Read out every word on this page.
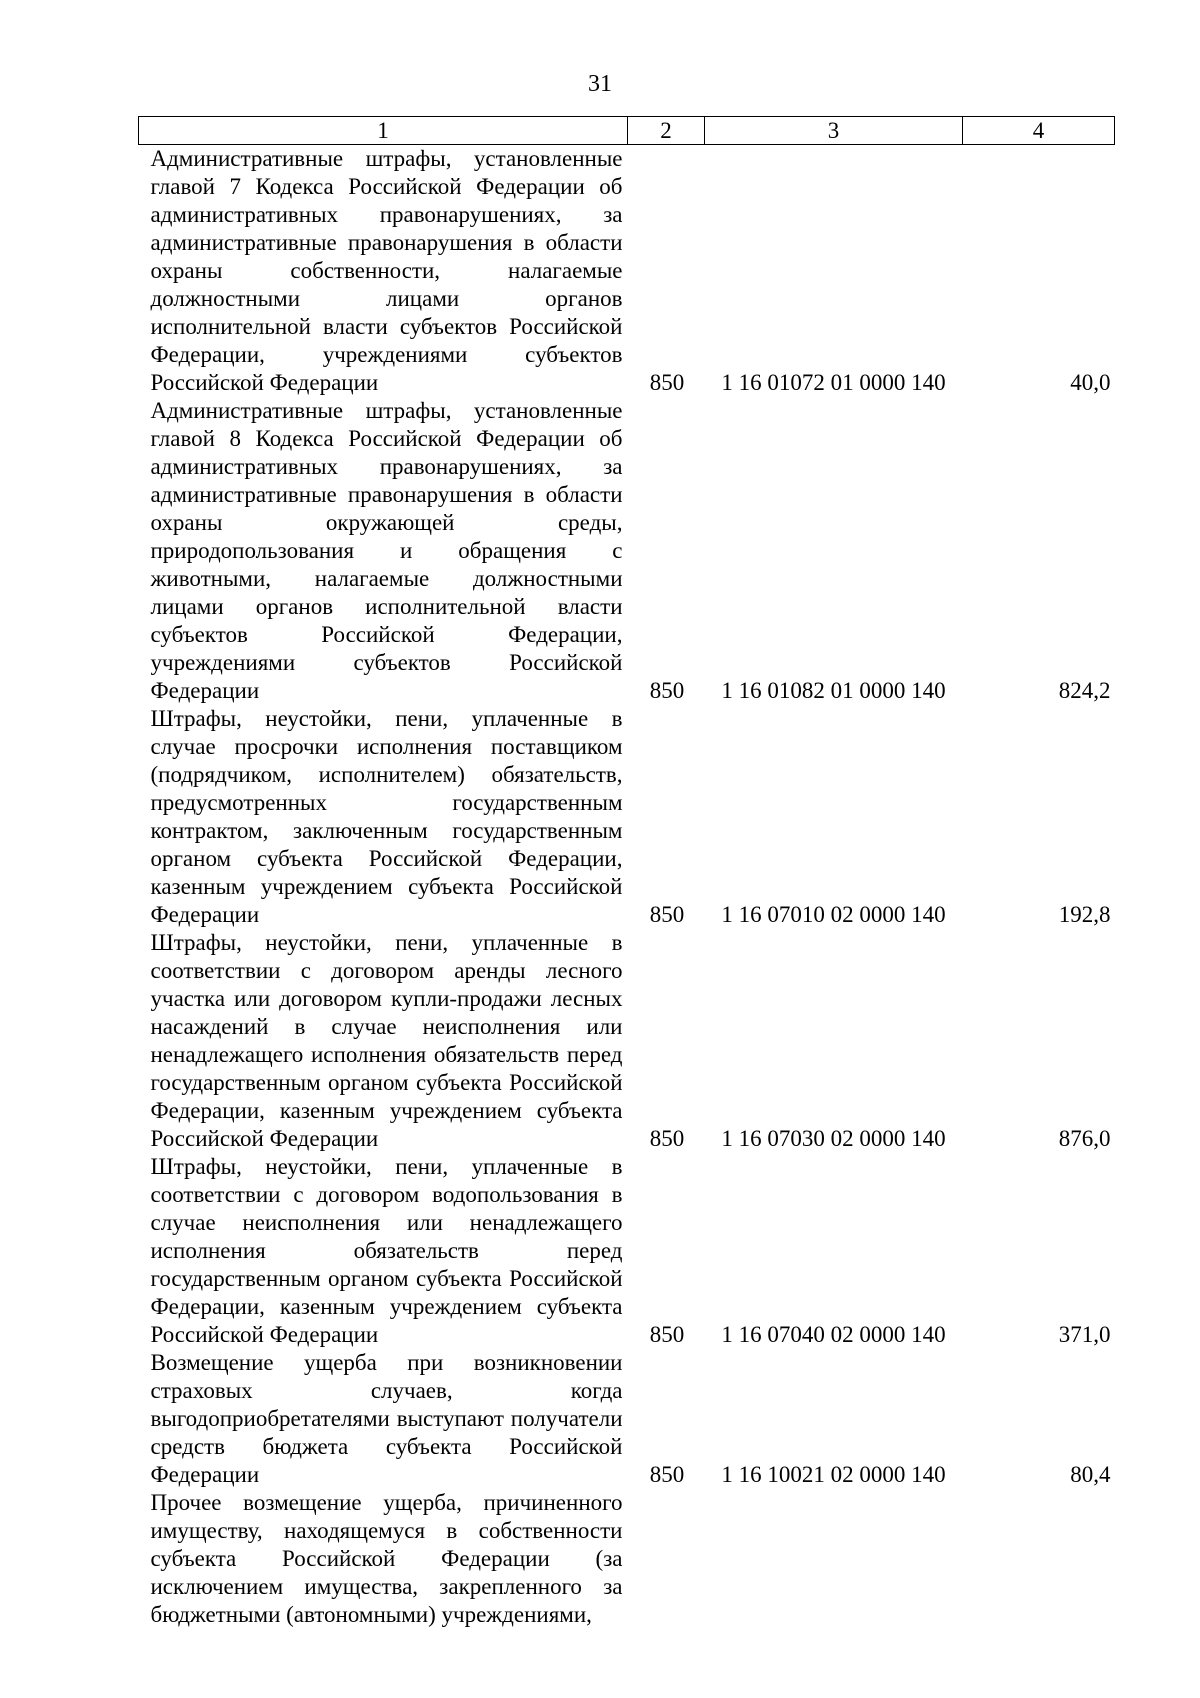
31
1	2	3	4
Административные штрафы, установленные главой 7 Кодекса Российской Федерации об административных правонарушениях, за административные правонарушения в области охраны собственности, налагаемые должностными лицами органов исполнительной власти субъектов Российской Федерации, учреждениями субъектов Российской Федерации	850	1 16 01072 01 0000 140	40,0
Административные штрафы, установленные главой 8 Кодекса Российской Федерации об административных правонарушениях, за административные правонарушения в области охраны окружающей среды, природопользования и обращения с животными, налагаемые должностными лицами органов исполнительной власти субъектов Российской Федерации, учреждениями субъектов Российской Федерации	850	1 16 01082 01 0000 140	824,2
Штрафы, неустойки, пени, уплаченные в случае просрочки исполнения поставщиком (подрядчиком, исполнителем) обязательств, предусмотренных государственным контрактом, заключенным государственным органом субъекта Российской Федерации, казенным учреждением субъекта Российской Федерации	850	1 16 07010 02 0000 140	192,8
Штрафы, неустойки, пени, уплаченные в соответствии с договором аренды лесного участка или договором купли-продажи лесных насаждений в случае неисполнения или ненадлежащего исполнения обязательств перед государственным органом субъекта Российской Федерации, казенным учреждением субъекта Российской Федерации	850	1 16 07030 02 0000 140	876,0
Штрафы, неустойки, пени, уплаченные в соответствии с договором водопользования в случае неисполнения или ненадлежащего исполнения обязательств перед государственным органом субъекта Российской Федерации, казенным учреждением субъекта Российской Федерации	850	1 16 07040 02 0000 140	371,0
Возмещение ущерба при возникновении страховых случаев, когда выгодоприобретателями выступают получатели средств бюджета субъекта Российской Федерации	850	1 16 10021 02 0000 140	80,4
Прочее возмещение ущерба, причиненного имуществу, находящемуся в собственности субъекта Российской Федерации (за исключением имущества, закрепленного за бюджетными (автономными) учреждениями,			
